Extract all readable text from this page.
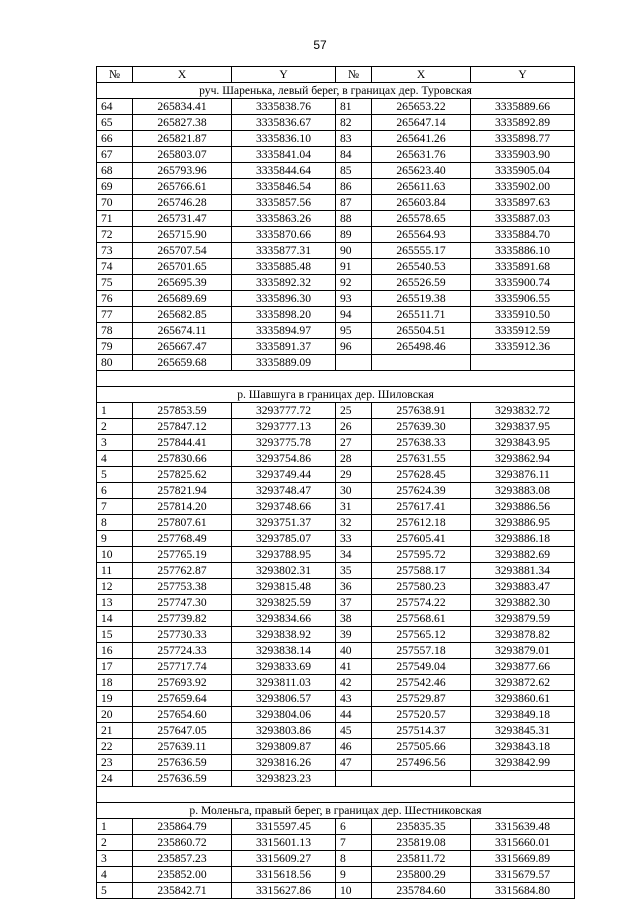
57
№	X	Y	№	X	Y
руч. Шаренька, левый берег, в границах дер. Туровская					
64	265834.41	3335838.76	81	265653.22	3335889.66
65	265827.38	3335836.67	82	265647.14	3335892.89
66	265821.87	3335836.10	83	265641.26	3335898.77
67	265803.07	3335841.04	84	265631.76	3335903.90
68	265793.96	3335844.64	85	265623.40	3335905.04
69	265766.61	3335846.54	86	265611.63	3335902.00
70	265746.28	3335857.56	87	265603.84	3335897.63
71	265731.47	3335863.26	88	265578.65	3335887.03
72	265715.90	3335870.66	89	265564.93	3335884.70
73	265707.54	3335877.31	90	265555.17	3335886.10
74	265701.65	3335885.48	91	265540.53	3335891.68
75	265695.39	3335892.32	92	265526.59	3335900.74
76	265689.69	3335896.30	93	265519.38	3335906.55
77	265682.85	3335898.20	94	265511.71	3335910.50
78	265674.11	3335894.97	95	265504.51	3335912.59
79	265667.47	3335891.37	96	265498.46	3335912.36
80	265659.68	3335889.09			

р. Шавшуга в границах дер. Шиловская					
1	257853.59	3293777.72	25	257638.91	3293832.72
2	257847.12	3293777.13	26	257639.30	3293837.95
3	257844.41	3293775.78	27	257638.33	3293843.95
4	257830.66	3293754.86	28	257631.55	3293862.94
5	257825.62	3293749.44	29	257628.45	3293876.11
6	257821.94	3293748.47	30	257624.39	3293883.08
7	257814.20	3293748.66	31	257617.41	3293886.56
8	257807.61	3293751.37	32	257612.18	3293886.95
9	257768.49	3293785.07	33	257605.41	3293886.18
10	257765.19	3293788.95	34	257595.72	3293882.69
11	257762.87	3293802.31	35	257588.17	3293881.34
12	257753.38	3293815.48	36	257580.23	3293883.47
13	257747.30	3293825.59	37	257574.22	3293882.30
14	257739.82	3293834.66	38	257568.61	3293879.59
15	257730.33	3293838.92	39	257565.12	3293878.82
16	257724.33	3293838.14	40	257557.18	3293879.01
17	257717.74	3293833.69	41	257549.04	3293877.66
18	257693.92	3293811.03	42	257542.46	3293872.62
19	257659.64	3293806.57	43	257529.87	3293860.61
20	257654.60	3293804.06	44	257520.57	3293849.18
21	257647.05	3293803.86	45	257514.37	3293845.31
22	257639.11	3293809.87	46	257505.66	3293843.18
23	257636.59	3293816.26	47	257496.56	3293842.99
24	257636.59	3293823.23			

р. Моленьга, правый берег, в границах дер. Шестниковская					
1	235864.79	3315597.45	6	235835.35	3315639.48
2	235860.72	3315601.13	7	235819.08	3315660.01
3	235857.23	3315609.27	8	235811.72	3315669.89
4	235852.00	3315618.56	9	235800.29	3315679.57
5	235842.71	3315627.86	10	235784.60	3315684.80
